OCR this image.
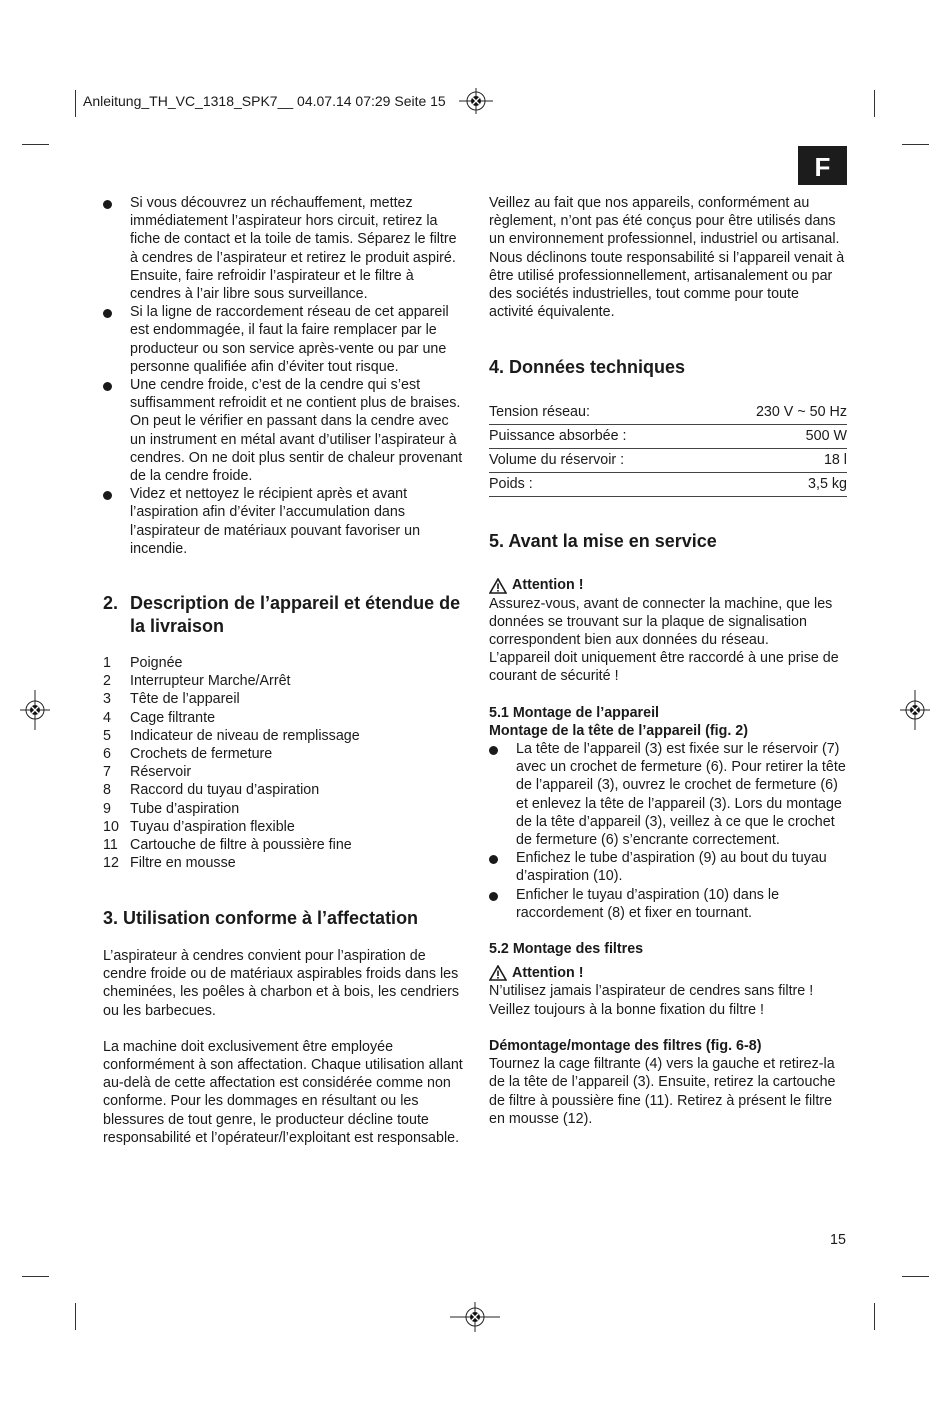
Anleitung_TH_VC_1318_SPK7__ 04.07.14 07:29 Seite 15
F

Si vous découvrez un réchauffement, mettez immédiatement l’aspirateur hors circuit, retirez la fiche de contact et la toile de tamis. Séparez le filtre à cendres de l’aspirateur et retirez le produit aspiré.

Ensuite, faire refroidir l’aspirateur et le filtre à cendres à l’air libre sous surveillance.

Si la ligne de raccordement réseau de cet appareil est endommagée, il faut la faire remplacer par le producteur ou son service après-vente ou par une personne qualifiée afin d’éviter tout risque.

Une cendre froide, c’est de la cendre qui s’est suffisamment refroidit et ne contient plus de braises. On peut le vérifier en passant dans la cendre avec un instrument en métal avant d’utiliser l’aspirateur à cendres. On ne doit plus sentir de chaleur provenant de la cendre froide.

Videz et nettoyez le récipient après et avant l’aspiration afin d’éviter l’accumulation dans l’aspirateur de matériaux pouvant favoriser un incendie.

2. Description de l’appareil et étendue de la livraison
1 Poignée
2 Interrupteur Marche/Arrêt
3 Tête de l’appareil
4 Cage filtrante
5 Indicateur de niveau de remplissage
6 Crochets de fermeture
7 Réservoir
8 Raccord du tuyau d’aspiration
9 Tube d’aspiration
10 Tuyau d’aspiration flexible
11 Cartouche de filtre à poussière fine
12 Filtre en mousse
3. Utilisation conforme à l’affectation

L’aspirateur à cendres convient pour l’aspiration de cendre froide ou de matériaux aspirables froids dans les cheminées, les poêles à charbon et à bois, les cendriers ou les barbecues.

La machine doit exclusivement être employée conformément à son affectation. Chaque utilisation allant au-delà de cette affectation est considérée comme non conforme. Pour les dommages en résultant ou les blessures de tout genre, le producteur décline toute responsabilité et l’opérateur/l’exploitant est responsable.

Veillez au fait que nos appareils, conformément au règlement, n’ont pas été conçus pour être utilisés dans un environnement professionnel, industriel ou artisanal. Nous déclinons toute responsabilité si l’appareil venait à être utilisé professionnellement, artisanalement ou par des sociétés industrielles, tout comme pour toute activité équivalente.

4. Données techniques
Tension réseau:	230 V ~ 50 Hz
Puissance absorbée :	500 W
Volume du réservoir :	18 l
Poids :	3,5 kg
5. Avant la mise en service
Attention !

Assurez-vous, avant de connecter la machine, que les données se trouvant sur la plaque de signalisation correspondent bien aux données du réseau.

L’appareil doit uniquement être raccordé à une prise de courant de sécurité !

5.1 Montage de l’appareil
Montage de la tête de l’appareil (fig. 2)

La tête de l’appareil (3) est fixée sur le réservoir (7) avec un crochet de fermeture (6). Pour retirer la tête de l’appareil (3), ouvrez le crochet de fermeture (6) et enlevez la tête de l’appareil (3). Lors du montage de la tête d’appareil (3), veillez à ce que le crochet de fermeture (6) s’encrante correctement.

Enfichez le tube d’aspiration (9) au bout du tuyau d’aspiration (10).

Enficher le tuyau d’aspiration (10) dans le raccordement (8) et fixer en tournant.

5.2 Montage des filtres
Attention !

N’utilisez jamais l’aspirateur de cendres sans filtre !

Veillez toujours à la bonne fixation du filtre !

Démontage/montage des filtres (fig. 6-8)

Tournez la cage filtrante (4) vers la gauche et retirez-la de la tête de l’appareil (3). Ensuite, retirez la cartouche de filtre à poussière fine (11). Retirez à présent le filtre en mousse (12).

15
